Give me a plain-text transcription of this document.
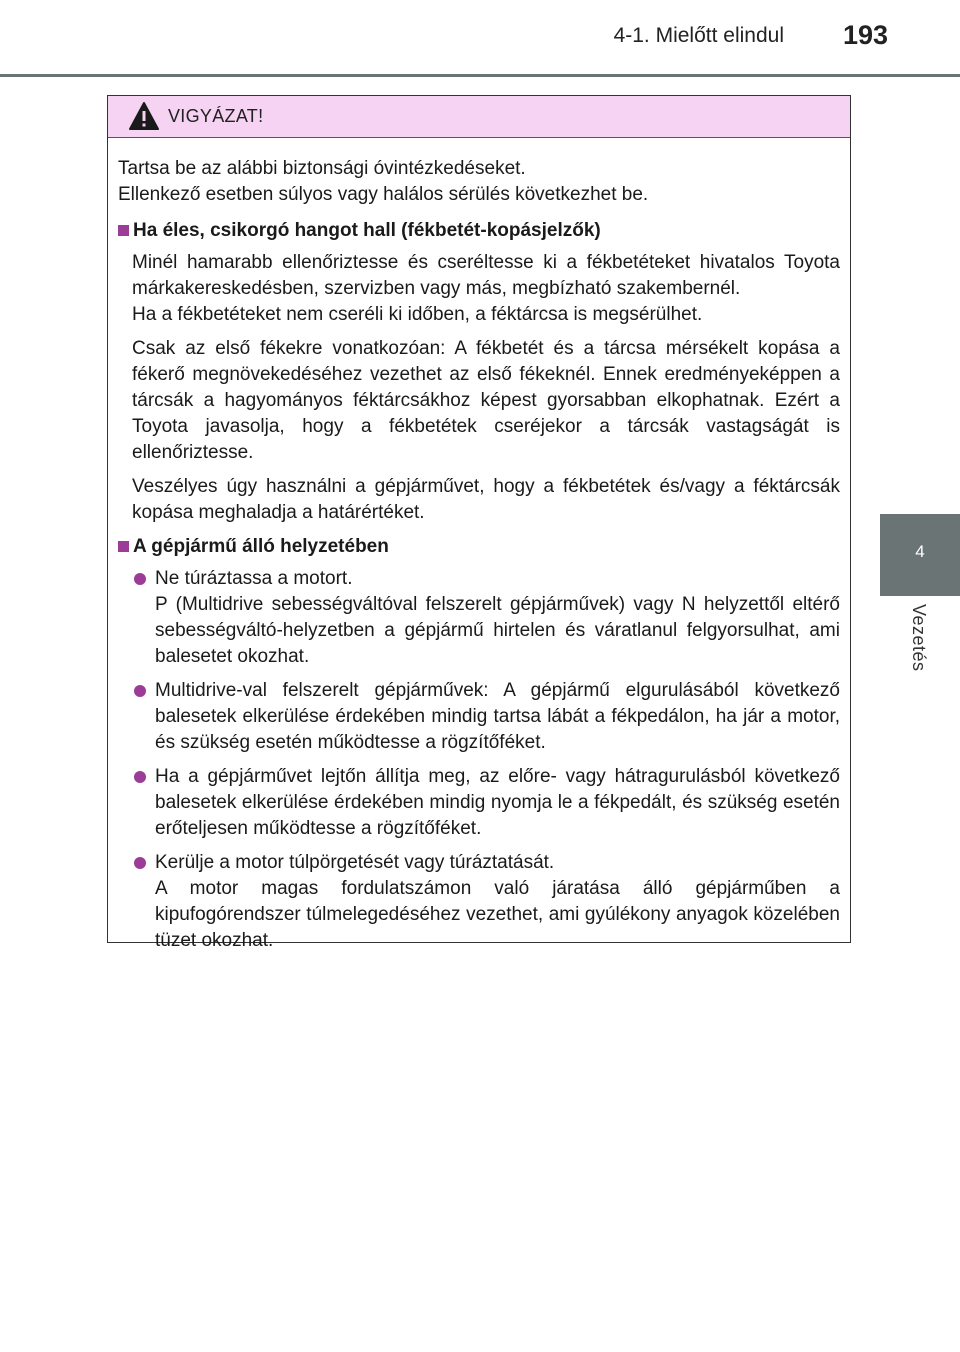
4-1. Mielőtt elindul	193
4
Vezetés
VIGYÁZAT!

Tartsa be az alábbi biztonsági óvintézkedéseket.
Ellenkező esetben súlyos vagy halálos sérülés következhet be.

Ha éles, csikorgó hangot hall (fékbetét-kopásjelzők)

Minél hamarabb ellenőriztesse és cseréltesse ki a fékbetéteket hivatalos Toyota márkakereskedésben, szervizben vagy más, megbízható szakembernél.
Ha a fékbetéteket nem cseréli ki időben, a féktárcsa is megsérülhet.

Csak az első fékekre vonatkozóan: A fékbetét és a tárcsa mérsékelt kopása a fékerő megnövekedéséhez vezethet az első fékeknél. Ennek eredményeképpen a tárcsák a hagyományos féktárcsákhoz képest gyorsabban elkophatnak. Ezért a Toyota javasolja, hogy a fékbetétek cseréjekor a tárcsák vastagságát is ellenőriztesse.

Veszélyes úgy használni a gépjárművet, hogy a fékbetétek és/vagy a féktárcsák kopása meghaladja a határértéket.

A gépjármű álló helyzetében
Ne túráztassa a motort.
P (Multidrive sebességváltóval felszerelt gépjárművek) vagy N helyzettől eltérő sebességváltó-helyzetben a gépjármű hirtelen és váratlanul felgyorsulhat, ami balesetet okozhat.
Multidrive-val felszerelt gépjárművek: A gépjármű elgurulásából következő balesetek elkerülése érdekében mindig tartsa lábát a fékpedálon, ha jár a motor, és szükség esetén működtesse a rögzítőféket.
Ha a gépjárművet lejtőn állítja meg, az előre- vagy hátragurulásból következő balesetek elkerülése érdekében mindig nyomja le a fékpedált, és szükség esetén erőteljesen működtesse a rögzítőféket.
Kerülje a motor túlpörgetését vagy túráztatását.
A motor magas fordulatszámon való járatása álló gépjárműben a kipufogórendszer túlmelegedéséhez vezethet, ami gyúlékony anyagok közelében tüzet okozhat.
